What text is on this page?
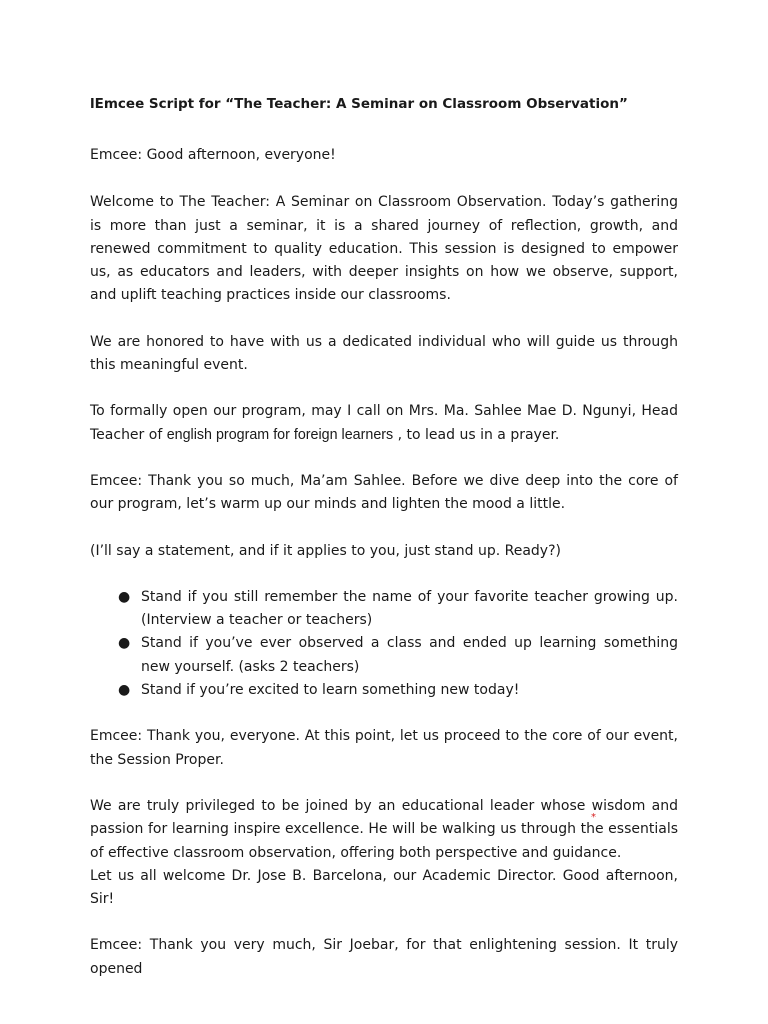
lEmcee Script for “The Teacher: A Seminar on Classroom Observation”

Emcee: Good afternoon, everyone!

Welcome to The Teacher: A Seminar on Classroom Observation. Today’s gathering is more than just a seminar, it is a shared journey of reflection, growth, and renewed commitment to quality education. This session is designed to empower us, as educators and leaders, with deeper insights on how we observe, support, and uplift teaching practices inside our classrooms.

We are honored to have with us a dedicated individual who will guide us through this meaningful event.

To formally open our program, may I call on Mrs. Ma. Sahlee Mae D. Ngunyi, Head Teacher of english program for foreign learners , to lead us in a prayer.

Emcee: Thank you so much, Ma’am Sahlee. Before we dive deep into the core of our program, let’s warm up our minds and lighten the mood a little.

(I’ll say a statement, and if it applies to you, just stand up. Ready?)

● Stand if you still remember the name of your favorite teacher growing up. (Interview a teacher or teachers)
● Stand if you’ve ever observed a class and ended up learning something new yourself. (asks 2 teachers)
● Stand if you’re excited to learn something new today!

Emcee: Thank you, everyone. At this point, let us proceed to the core of our event, the Session Proper.

We are truly privileged to be joined by an educational leader whose wisdom and passion for learning inspire excellence. He will be walking us through the essentials of effective classroom observation, offering both perspective and guidance.

Let us all welcome Dr. Jose B. Barcelona, our Academic Director. Good afternoon, Sir!

Emcee: Thank you very much, Sir Joebar, for that enlightening session. It truly opened

*
